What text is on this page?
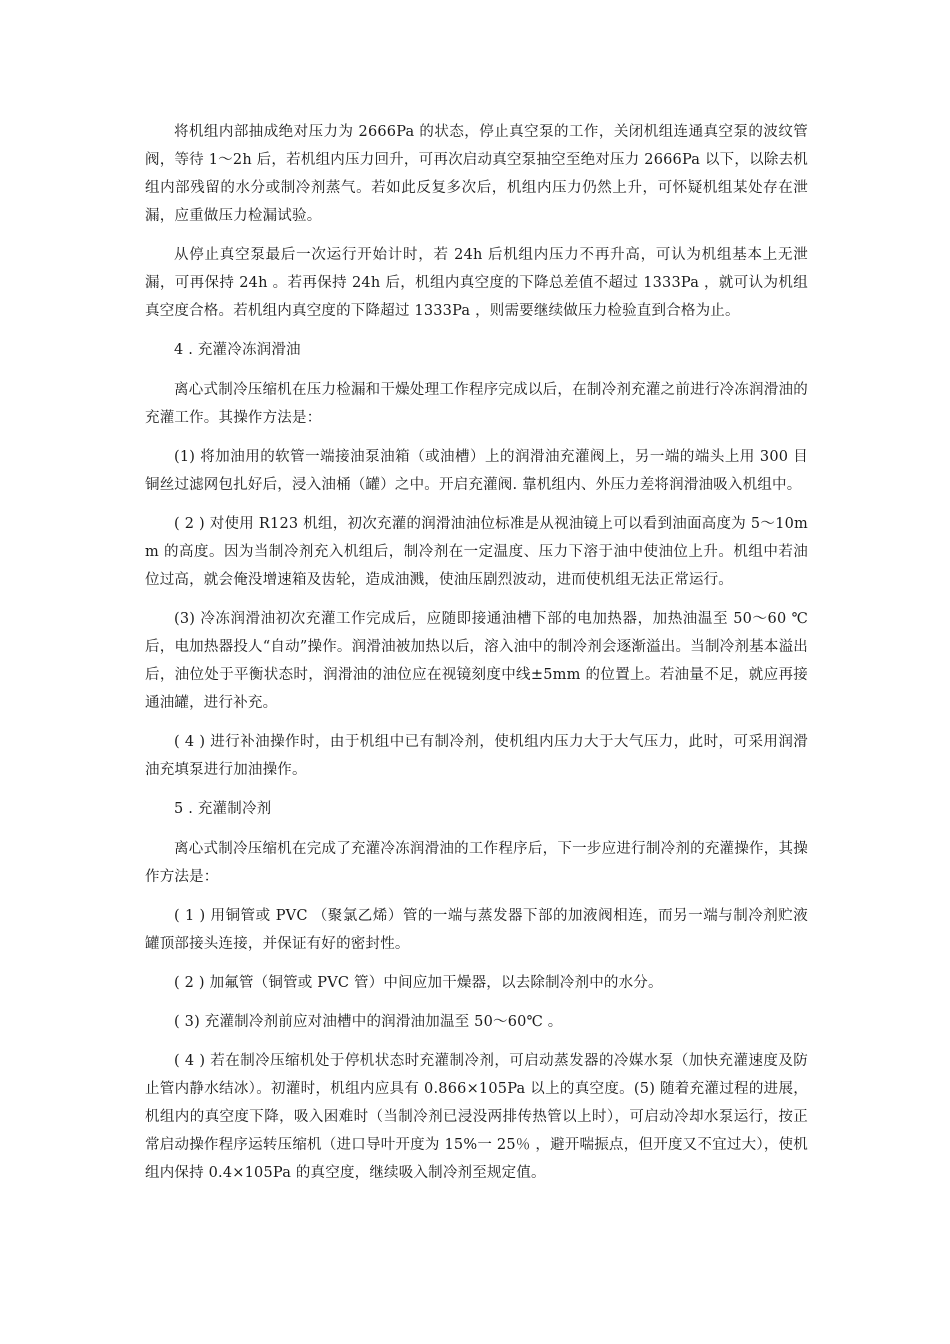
将机组内部抽成绝对压力为 2666Pa 的状态，停止真空泵的工作，关闭机组连通真空泵的波纹管阀，等待 1～2h 后，若机组内压力回升，可再次启动真空泵抽空至绝对压力 2666Pa 以下，以除去机组内部残留的水分或制冷剂蒸气。若如此反复多次后，机组内压力仍然上升，可怀疑机组某处存在泄漏，应重做压力检漏试验。

从停止真空泵最后一次运行开始计时，若 24h 后机组内压力不再升高，可认为机组基本上无泄漏，可再保持 24h 。若再保持 24h 后，机组内真空度的下降总差值不超过 1333Pa ，就可认为机组真空度合格。若机组内真空度的下降超过 1333Pa ，则需要继续做压力检验直到合格为止。

4 . 充灌冷冻润滑油

离心式制冷压缩机在压力检漏和干燥处理工作程序完成以后，在制冷剂充灌之前进行冷冻润滑油的充灌工作。其操作方法是：

(1) 将加油用的软管一端接油泵油箱（或油槽）上的润滑油充灌阀上，另一端的端头上用 300 目铜丝过滤网包扎好后，浸入油桶（罐）之中。开启充灌阀. 靠机组内、外压力差将润滑油吸入机组中。

( 2 ) 对使用 R123 机组，初次充灌的润滑油油位标准是从视油镜上可以看到油面高度为 5～10mm 的高度。因为当制冷剂充入机组后，制冷剂在一定温度、压力下溶于油中使油位上升。机组中若油位过高，就会俺没增速箱及齿轮，造成油溅，使油压剧烈波动，进而使机组无法正常运行。

(3) 冷冻润滑油初次充灌工作完成后，应随即接通油槽下部的电加热器，加热油温至 50～60 ℃ 后，电加热器投人“自动”操作。润滑油被加热以后，溶入油中的制冷剂会逐渐溢出。当制冷剂基本溢出后，油位处于平衡状态时，润滑油的油位应在视镜刻度中线±5mm 的位置上。若油量不足，就应再接通油罐，进行补充。

( 4 ) 进行补油操作时，由于机组中已有制冷剂，使机组内压力大于大气压力，此时，可采用润滑油充填泵进行加油操作。

5 . 充灌制冷剂

离心式制冷压缩机在完成了充灌冷冻润滑油的工作程序后，下一步应进行制冷剂的充灌操作，其操作方法是：

( 1 ) 用铜管或 PVC （聚氯乙烯）管的一端与蒸发器下部的加液阀相连，而另一端与制冷剂贮液罐顶部接头连接，并保证有好的密封性。

( 2 ) 加氟管（铜管或 PVC 管）中间应加干燥器，以去除制冷剂中的水分。

( 3) 充灌制冷剂前应对油槽中的润滑油加温至 50～60℃ 。

( 4 ) 若在制冷压缩机处于停机状态时充灌制冷剂，可启动蒸发器的冷媒水泵（加快充灌速度及防止管内静水结冰）。初灌时，机组内应具有 0.866×105Pa 以上的真空度。(5) 随着充灌过程的进展，机组内的真空度下降，吸入困难时（当制冷剂已浸没两排传热管以上时），可启动冷却水泵运行，按正常启动操作程序运转压缩机（进口导叶开度为 15%一 25％ ，避开喘振点，但开度又不宜过大），使机组内保持 0.4×105Pa 的真空度，继续吸入制冷剂至规定值。
